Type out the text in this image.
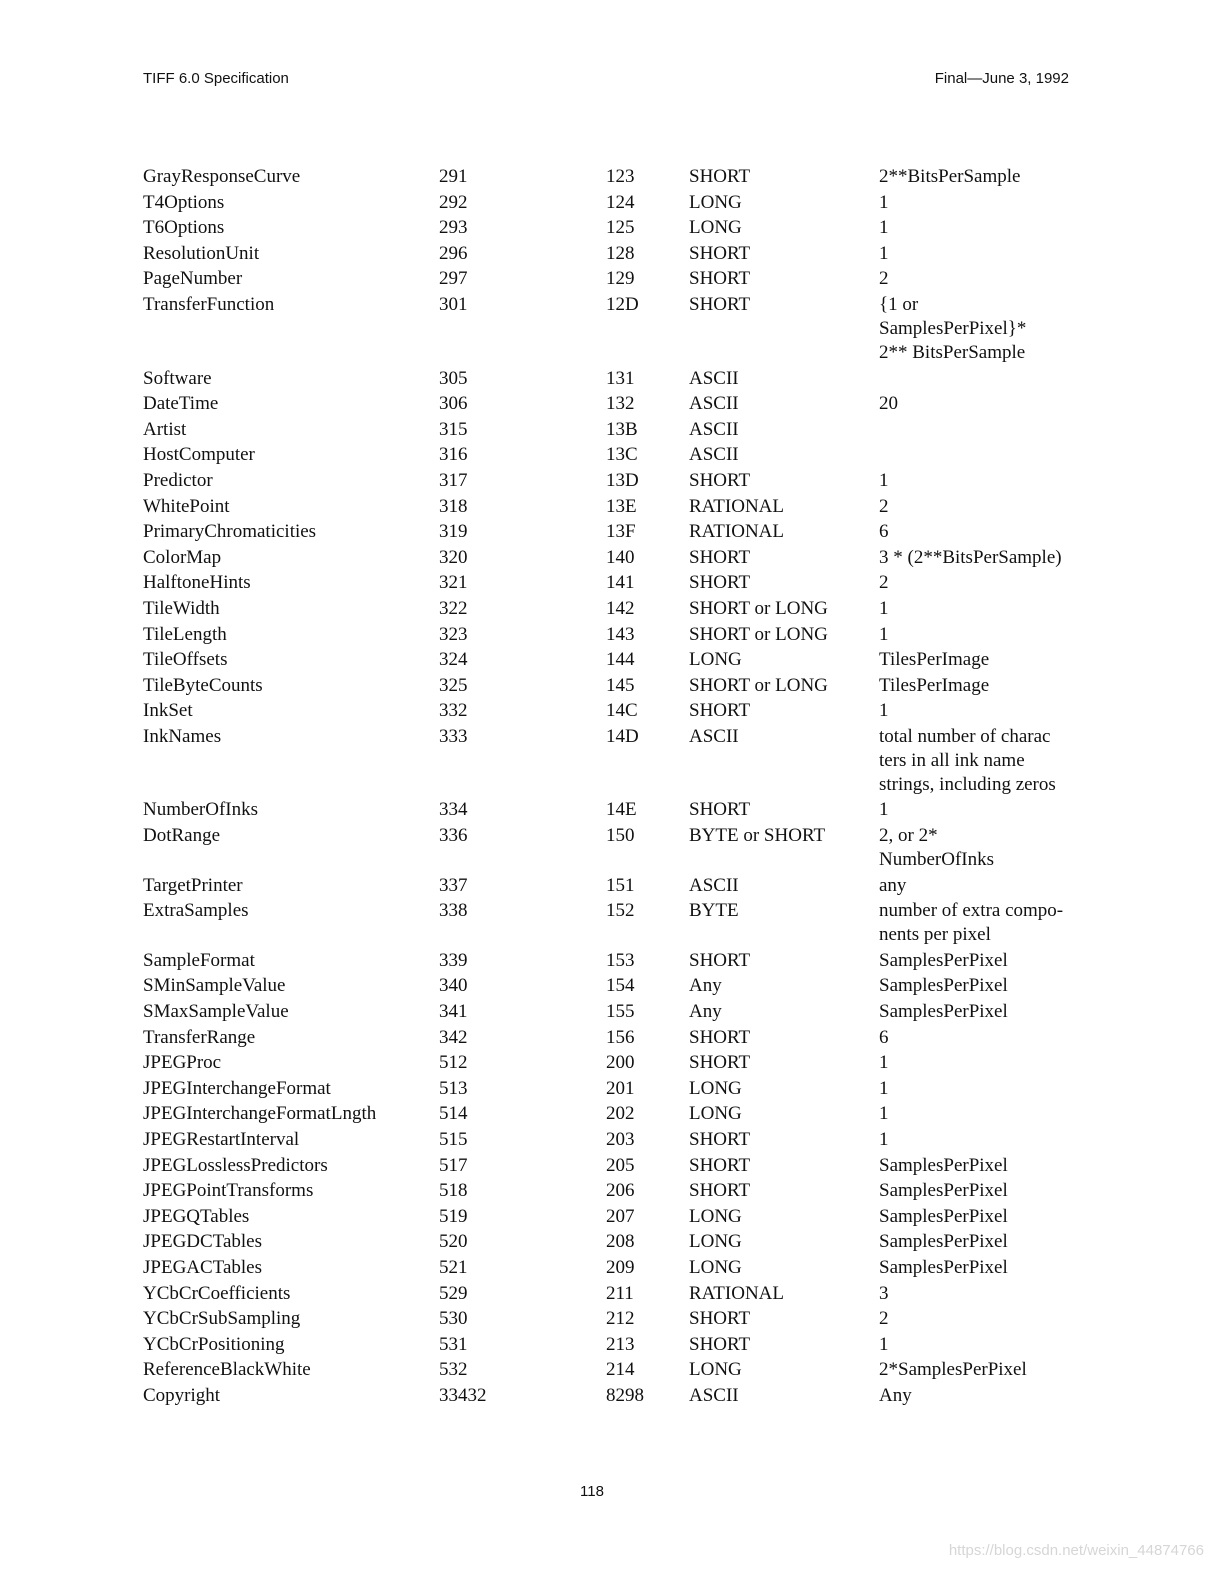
TIFF 6.0 Specification	Final—June 3, 1992
GrayResponseCurve	291	123	SHORT	2**BitsPerSample
T4Options	292	124	LONG	1
T6Options	293	125	LONG	1
ResolutionUnit	296	128	SHORT	1
PageNumber	297	129	SHORT	2
TransferFunction	301	12D	SHORT	{1 or
SamplesPerPixel}*
2** BitsPerSample
Software	305	131	ASCII	
DateTime	306	132	ASCII	20
Artist	315	13B	ASCII	
HostComputer	316	13C	ASCII	
Predictor	317	13D	SHORT	1
WhitePoint	318	13E	RATIONAL	2
PrimaryChromaticities	319	13F	RATIONAL	6
ColorMap	320	140	SHORT	3 * (2**BitsPerSample)
HalftoneHints	321	141	SHORT	2
TileWidth	322	142	SHORT or LONG	1
TileLength	323	143	SHORT or LONG	1
TileOffsets	324	144	LONG	TilesPerImage
TileByteCounts	325	145	SHORT or LONG	TilesPerImage
InkSet	332	14C	SHORT	1
InkNames	333	14D	ASCII	total number of charac
ters in all ink name
strings, including zeros
NumberOfInks	334	14E	SHORT	1
DotRange	336	150	BYTE or SHORT	2, or 2*
NumberOfInks
TargetPrinter	337	151	ASCII	any
ExtraSamples	338	152	BYTE	number of extra compo-
nents per pixel
SampleFormat	339	153	SHORT	SamplesPerPixel
SMinSampleValue	340	154	Any	SamplesPerPixel
SMaxSampleValue	341	155	Any	SamplesPerPixel
TransferRange	342	156	SHORT	6
JPEGProc	512	200	SHORT	1
JPEGInterchangeFormat	513	201	LONG	1
JPEGInterchangeFormatLngth	514	202	LONG	1
JPEGRestartInterval	515	203	SHORT	1
JPEGLosslessPredictors	517	205	SHORT	SamplesPerPixel
JPEGPointTransforms	518	206	SHORT	SamplesPerPixel
JPEGQTables	519	207	LONG	SamplesPerPixel
JPEGDCTables	520	208	LONG	SamplesPerPixel
JPEGACTables	521	209	LONG	SamplesPerPixel
YCbCrCoefficients	529	211	RATIONAL	3
YCbCrSubSampling	530	212	SHORT	2
YCbCrPositioning	531	213	SHORT	1
ReferenceBlackWhite	532	214	LONG	2*SamplesPerPixel
Copyright	33432	8298	ASCII	Any
118
https://blog.csdn.net/weixin_44874766
